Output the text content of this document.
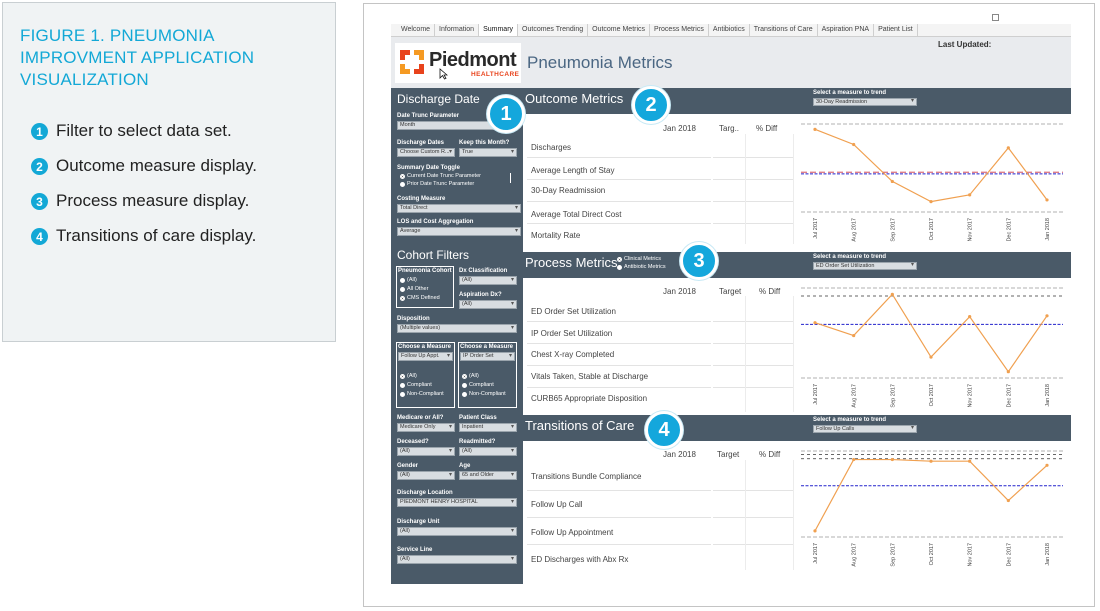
FIGURE 1. PNEUMONIA IMPROVMENT APPLICATION VISUALIZATION
1 Filter to select data set.
2 Outcome measure display.
3 Process measure display.
4 Transitions of care display.
Welcome	Information	Summary	Outcomes Trending	Outcome Metrics	Process Metrics	Antibiotics	Transitions of Care	Aspiration PNA	Patient List
Piedmont
HEALTHCARE
Pneumonia Metrics
Last Updated:
Discharge Date
Date Trunc Parameter
Month ▾
Discharge Dates Keep this Month?
Choose Custom R... ▾	True ▾
Summary Date Toggle
Current Date Trunc Parameter
Prior Date Trunc Parameter
Costing Measure
Total Direct ▾
LOS and Cost Aggregation
Average ▾
Cohort Filters
Pneumonia Cohort
(All)
All Other
CMS Defined
Dx Classification
(All) ▾
Aspiration Dx?
(All) ▾
Disposition
(Multiple values) ▾
Choose a Measure
Follow Up Appt. ▾
(All)
Compliant
Non-Compliant
Choose a Measure
IP Order Set ▾
(All)
Compliant
Non-Compliant
Medicare or All?	Patient Class
Medicare Only ▾	Inpatient ▾
Deceased?	Readmitted?
(All) ▾	(All) ▾
Gender	Age
(All) ▾	65 and Older ▾
Discharge Location
PIEDMONT HENRY HOSPITAL ▾
Discharge Unit
(All) ▾
Service Line
(All) ▾
Outcome Metrics	Select a measure to trend
30-Day Readmission ▾
Jan 2018	Targ.. % Diff
Discharges
Average Length of Stay
30-Day Readmission
Average Total Direct Cost
Mortality Rate	Jul 2017	Aug 2017	Sep 2017	Oct 2017	Nov 2017	Dec 2017	Jan 2018
Process Metrics Clinical Metrics
Antibiotic Metrics
Select a measure to trend
ED Order Set Utilization ▾
Jan 2018	Target % Diff
ED Order Set Utilization
IP Order Set Utilization
Chest X-ray Completed
Vitals Taken, Stable at Discharge
CURB65 Appropriate Disposition	Jul 2017	Aug 2017	Sep 2017	Oct 2017	Nov 2017	Dec 2017	Jan 2018
Transitions of Care	Select a measure to trend
Follow Up Calls ▾
Jan 2018	Target % Diff
Transitions Bundle Compliance
Follow Up Call
Follow Up Appointment
ED Discharges with Abx Rx	Jul 2017	Aug 2017	Sep 2017	Oct 2017	Nov 2017	Dec 2017	Jan 2018
1	2
3
4
